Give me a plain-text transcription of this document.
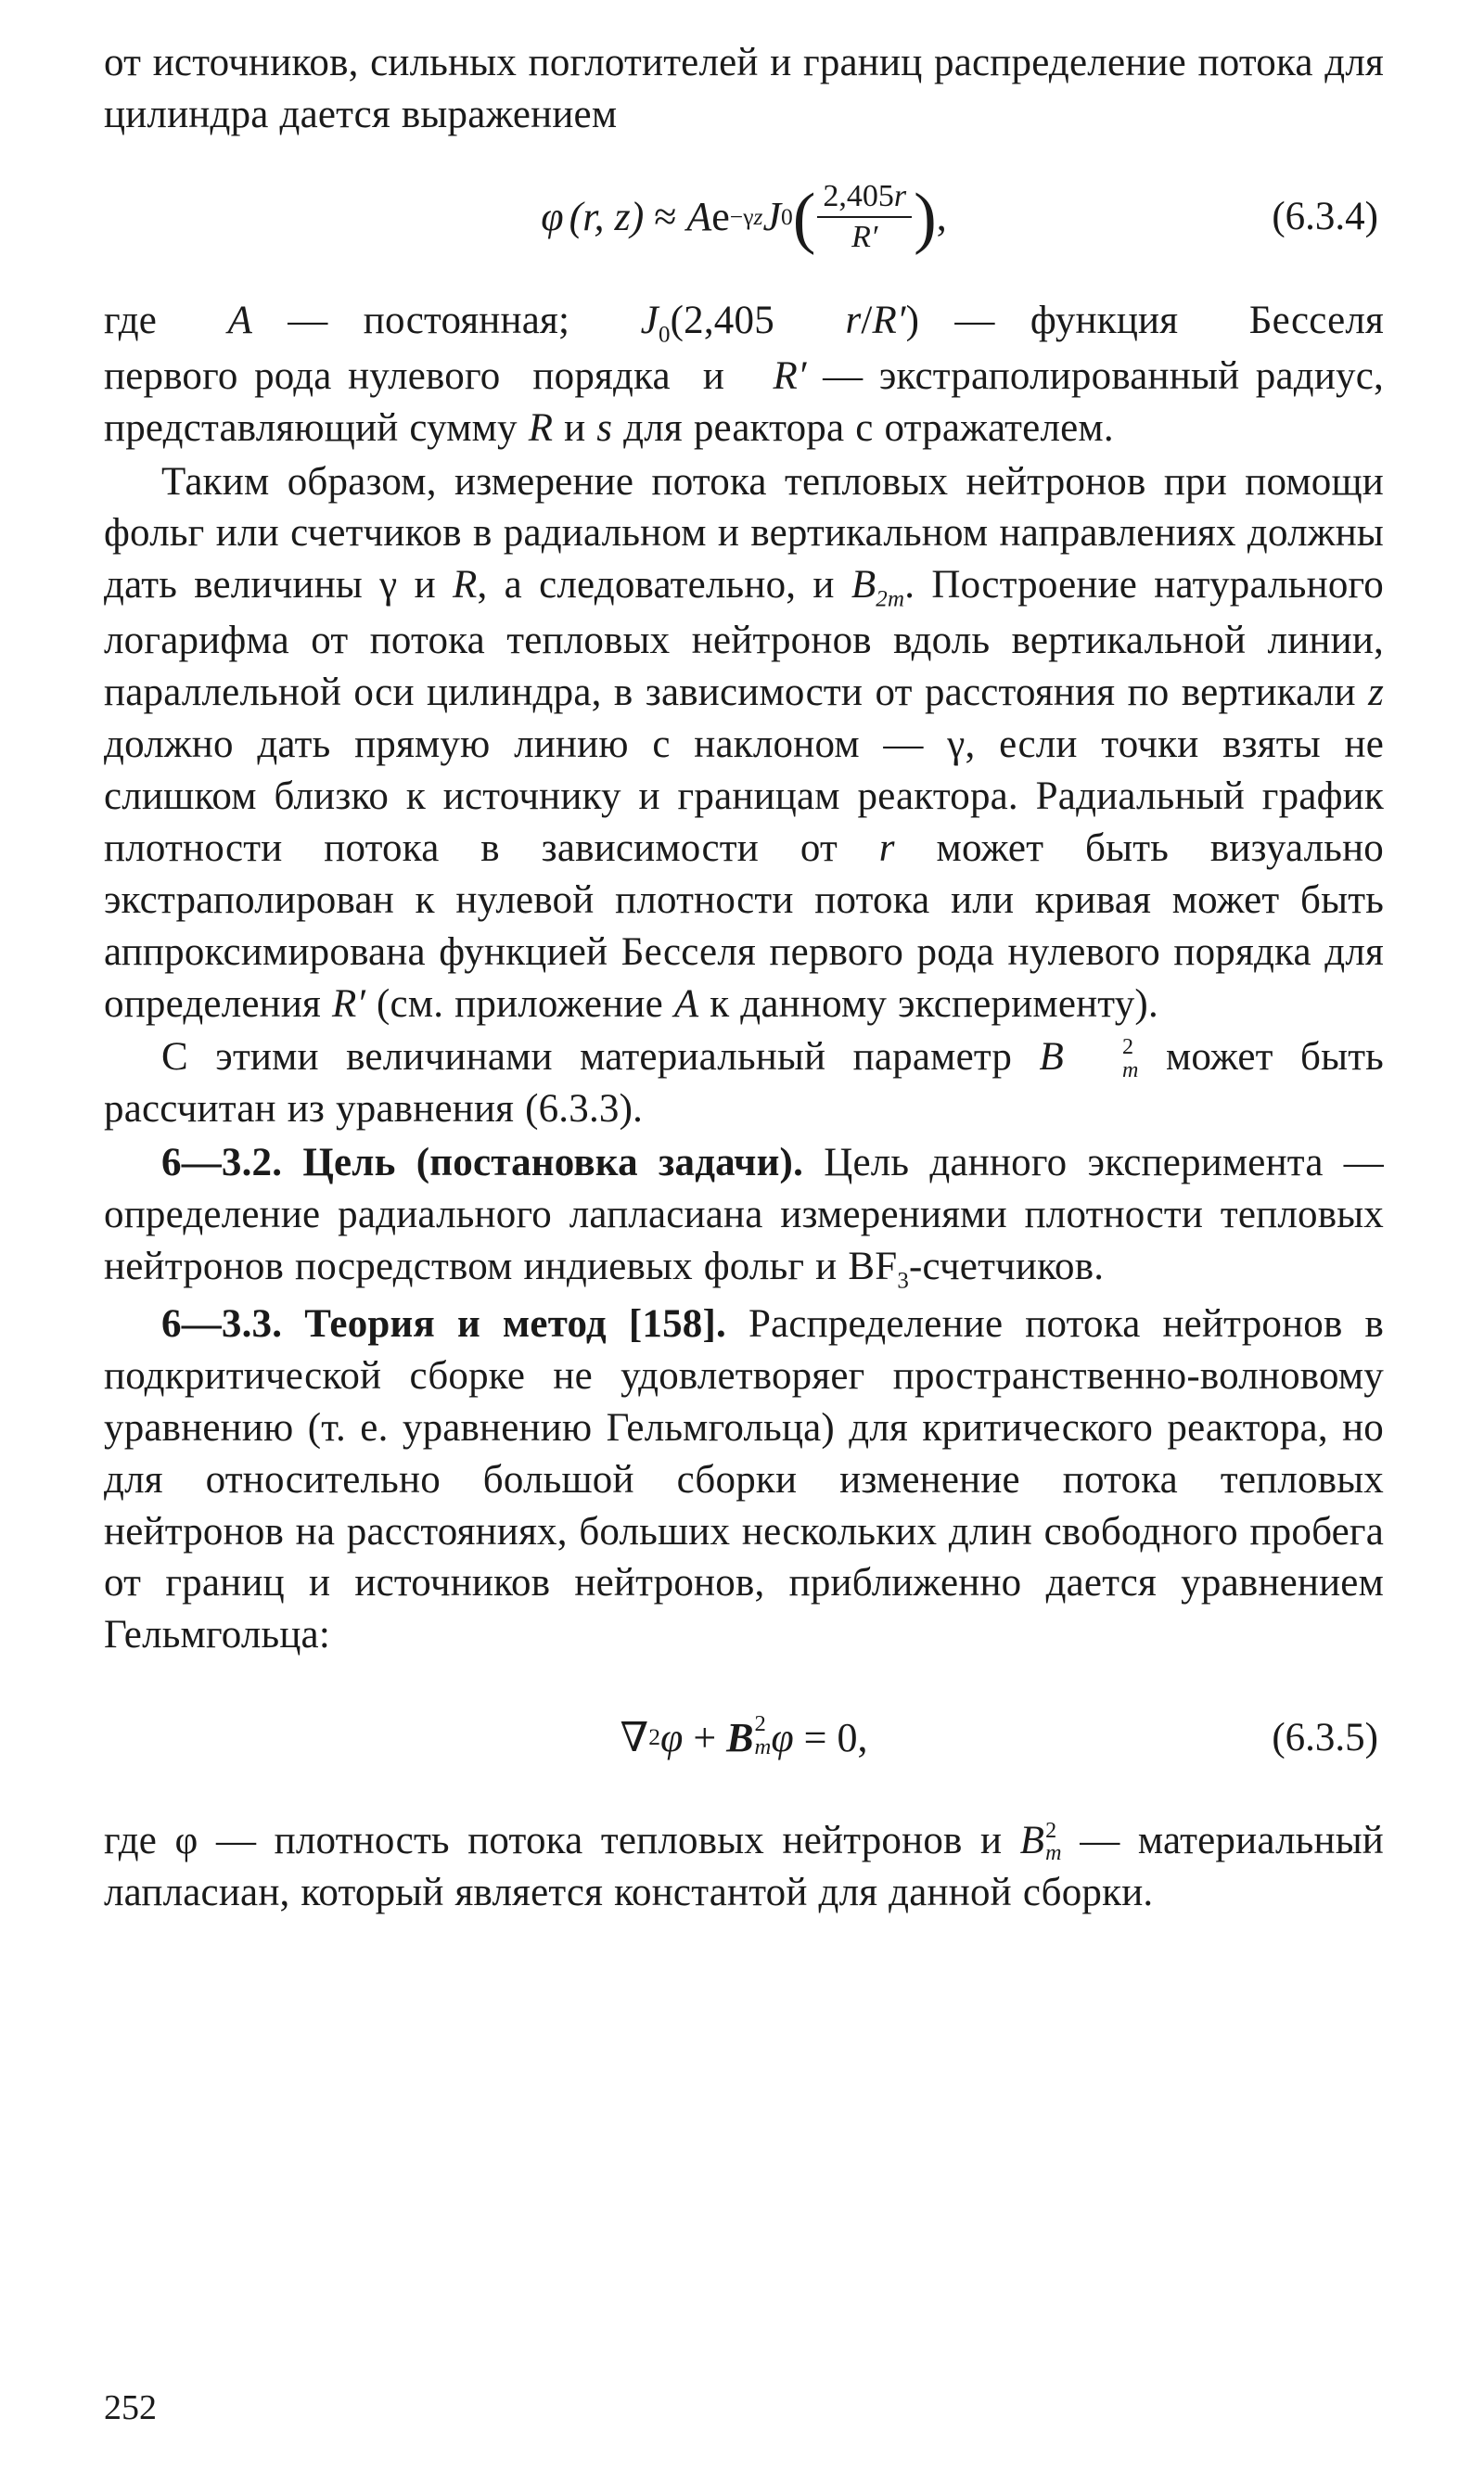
от источников, сильных поглотителей и границ распределение потока для цилиндра дается выражением

φ (r, z) ≈ A e −γz J 0 ( $\frac{2,405r}{R'}$ ) ,	(6.3.4)

где  A — постоянная;  $J_0(2,405$  r/R′) — функция  Бесселя первого рода нулевого  порядка  и   R′ — экстраполированный радиус, представляющий сумму R и s для реактора с отражателем.

Таким образом, измерение потока тепловых нейтронов при помощи фольг или счетчиков в радиальном и вертикальном направлениях должны дать величины γ и R, а следовательно, и $B_{2m}$. Построение натурального логарифма от потока тепловых нейтронов вдоль вертикальной линии, параллельной оси цилиндра, в зависимости от расстояния по вертикали z должно дать прямую линию с наклоном — γ, если точки взяты не слишком близко к источнику и границам реактора. Радиальный график плотности потока в зависимости от r может быть визуально экстраполирован к нулевой плотности потока или кривая может быть аппроксимирована функцией Бесселя первого рода нулевого порядка для определения R′ (см. приложение A к данному эксперименту).

С этими величинами материальный параметр B	2
m может быть рассчитан из уравнения (6.3.3).

6—3.2. Цель (постановка задачи). Цель данного эксперимента — определение радиального лапласиана измерениями плотности тепловых нейтронов посредством индиевых фольг и $BF_3$-счетчиков.

6—3.3. Теория и метод [158]. Распределение потока нейтронов в подкритической сборке не удовлетворяег пространственно-волновому уравнению (т. е. уравнению Гельмгольца) для критического реактора, но для относительно большой сборки изменение потока тепловых нейтронов на расстояниях, больших нескольких длин свободного пробега от границ и источников нейтронов, приближенно дается уравнением Гельмгольца:

∇ 2 φ + B 2
m φ = 0,	(6.3.5)

где φ — плотность потока тепловых нейтронов и B 2
m — материальный лапласиан, который является константой для данной сборки.

252
